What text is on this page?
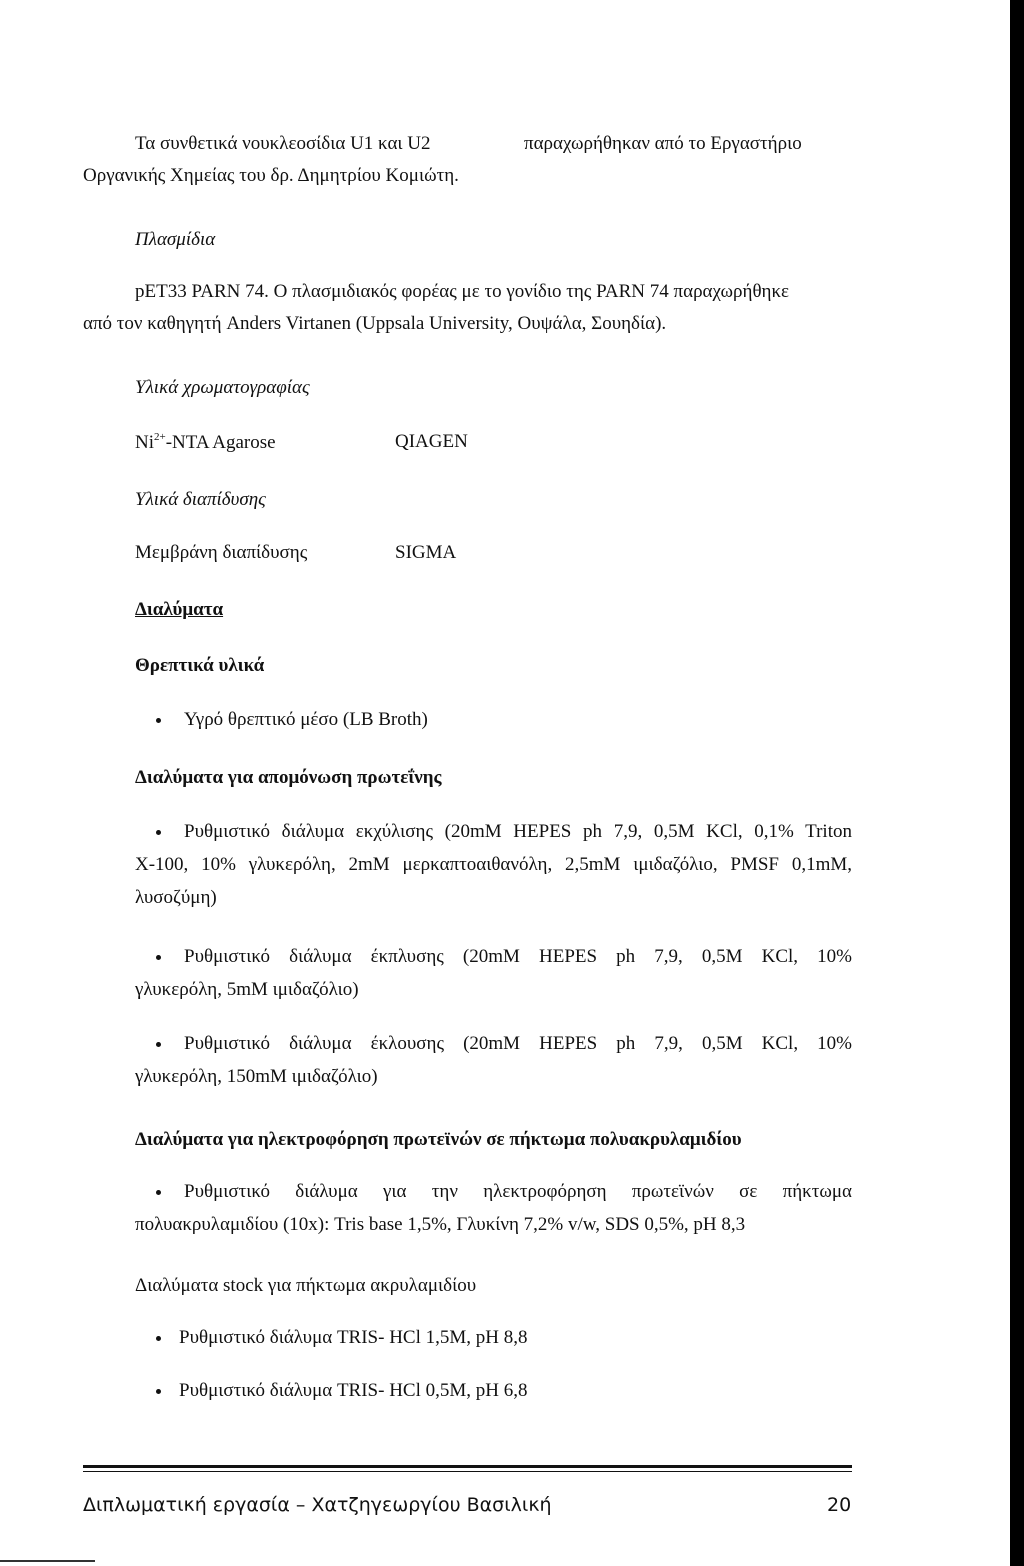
Τα συνθετικά νουκλεοσίδια U1 και U2	παραχωρήθηκαν από το Εργαστήριο
Οργανικής Χημείας του δρ. Δημητρίου Κομιώτη.
Πλασμίδια
pET33 PARN 74. Ο πλασμιδιακός φορέας με το γονίδιο της PARN 74 παραχωρήθηκε
από τον καθηγητή Anders Virtanen (Uppsala University, Ουψάλα, Σουηδία).
Υλικά χρωματογραφίας
$Ni^{2+}$-NTA Agarose	QIAGEN
Υλικά διαπίδυσης
Μεμβράνη διαπίδυσης	SIGMA
Διαλύματα
Θρεπτικά υλικά
Υγρό θρεπτικό μέσο (LB Broth)
Διαλύματα για απομόνωση πρωτεΐνης
Ρυθμιστικό διάλυμα εκχύλισης (20mM HEPES ph 7,9, 0,5M KCl, 0,1% Triton
X-100, 10% γλυκερόλη, 2mM μερκαπτοαιθανόλη, 2,5mM ιμιδαζόλιο, PMSF 0,1mM,
λυσοζύμη)
Ρυθμιστικό διάλυμα έκπλυσης (20mM HEPES ph 7,9, 0,5M KCl, 10%
γλυκερόλη, 5mM ιμιδαζόλιο)
Ρυθμιστικό διάλυμα έκλουσης (20mM HEPES ph 7,9, 0,5M KCl, 10%
γλυκερόλη, 150mM ιμιδαζόλιο)
Διαλύματα για ηλεκτροφόρηση πρωτεϊνών σε πήκτωμα πολυακρυλαμιδίου
Ρυθμιστικό διάλυμα για την ηλεκτροφόρηση πρωτεϊνών σε πήκτωμα
πολυακρυλαμιδίου (10x): Tris base 1,5%, Γλυκίνη 7,2% v/w, SDS 0,5%, pH 8,3
Διαλύματα stock για πήκτωμα ακρυλαμιδίου
Ρυθμιστικό διάλυμα TRIS- HCl 1,5M, pH 8,8
Ρυθμιστικό διάλυμα TRIS- HCl 0,5M, pH 6,8
Διπλωματική εργασία – Χατζηγεωργίου Βασιλική	20
